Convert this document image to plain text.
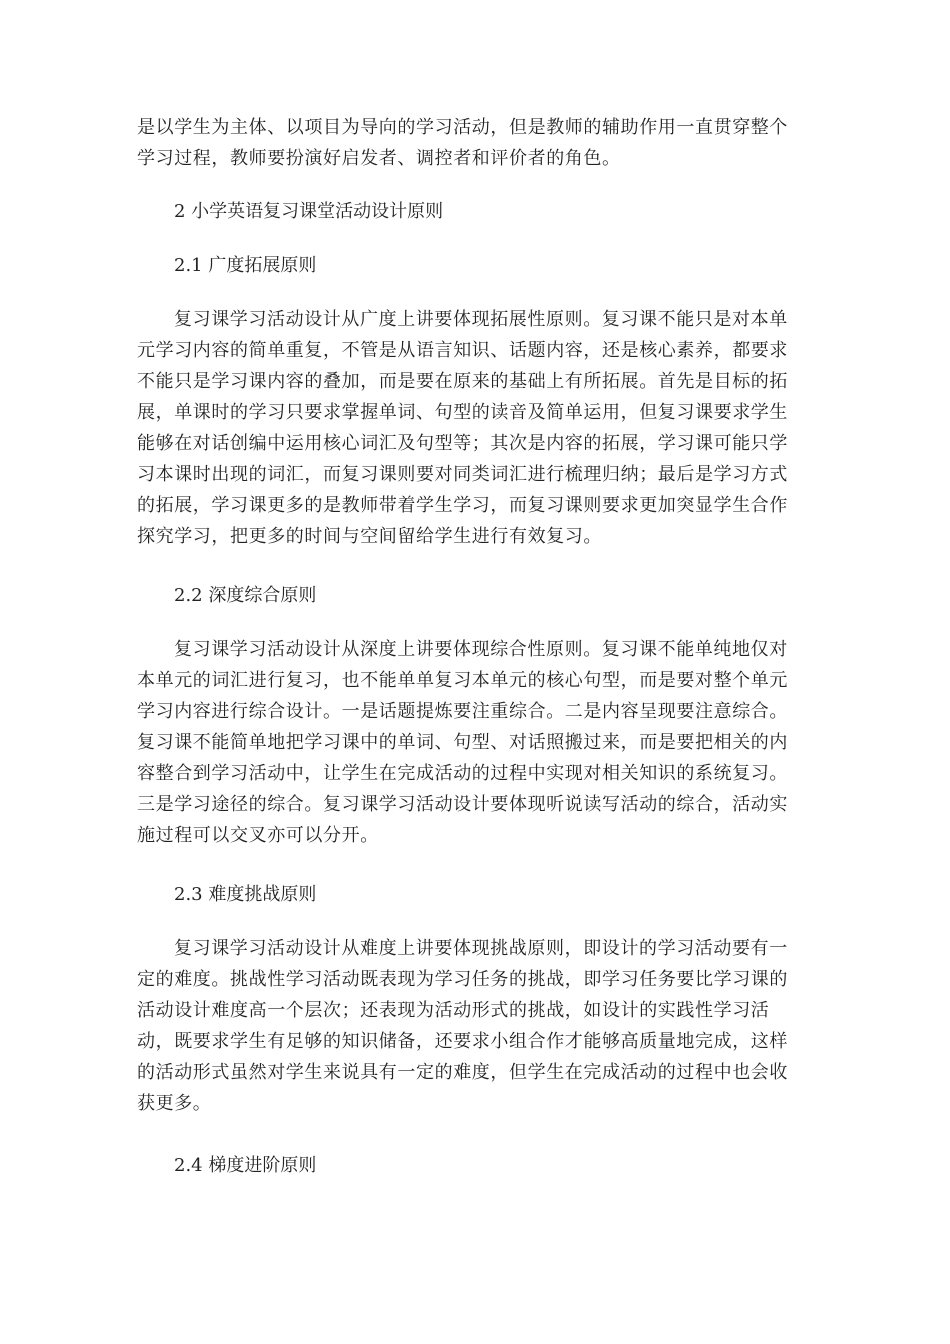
是以学生为主体、以项目为导向的学习活动，但是教师的辅助作用一直贯穿整个
学习过程，教师要扮演好启发者、调控者和评价者的角色。
2 小学英语复习课堂活动设计原则
2.1 广度拓展原则
复习课学习活动设计从广度上讲要体现拓展性原则。复习课不能只是对本单
元学习内容的简单重复，不管是从语言知识、话题内容，还是核心素养，都要求
不能只是学习课内容的叠加，而是要在原来的基础上有所拓展。首先是目标的拓
展，单课时的学习只要求掌握单词、句型的读音及简单运用，但复习课要求学生
能够在对话创编中运用核心词汇及句型等；其次是内容的拓展，学习课可能只学
习本课时出现的词汇，而复习课则要对同类词汇进行梳理归纳；最后是学习方式
的拓展，学习课更多的是教师带着学生学习，而复习课则要求更加突显学生合作
探究学习，把更多的时间与空间留给学生进行有效复习。
2.2 深度综合原则
复习课学习活动设计从深度上讲要体现综合性原则。复习课不能单纯地仅对
本单元的词汇进行复习，也不能单单复习本单元的核心句型，而是要对整个单元
学习内容进行综合设计。一是话题提炼要注重综合。二是内容呈现要注意综合。
复习课不能简单地把学习课中的单词、句型、对话照搬过来，而是要把相关的内
容整合到学习活动中，让学生在完成活动的过程中实现对相关知识的系统复习。
三是学习途径的综合。复习课学习活动设计要体现听说读写活动的综合，活动实
施过程可以交叉亦可以分开。
2.3 难度挑战原则
复习课学习活动设计从难度上讲要体现挑战原则，即设计的学习活动要有一
定的难度。挑战性学习活动既表现为学习任务的挑战，即学习任务要比学习课的
活动设计难度高一个层次；还表现为活动形式的挑战，如设计的实践性学习活
动，既要求学生有足够的知识储备，还要求小组合作才能够高质量地完成，这样
的活动形式虽然对学生来说具有一定的难度，但学生在完成活动的过程中也会收
获更多。
2.4 梯度进阶原则
